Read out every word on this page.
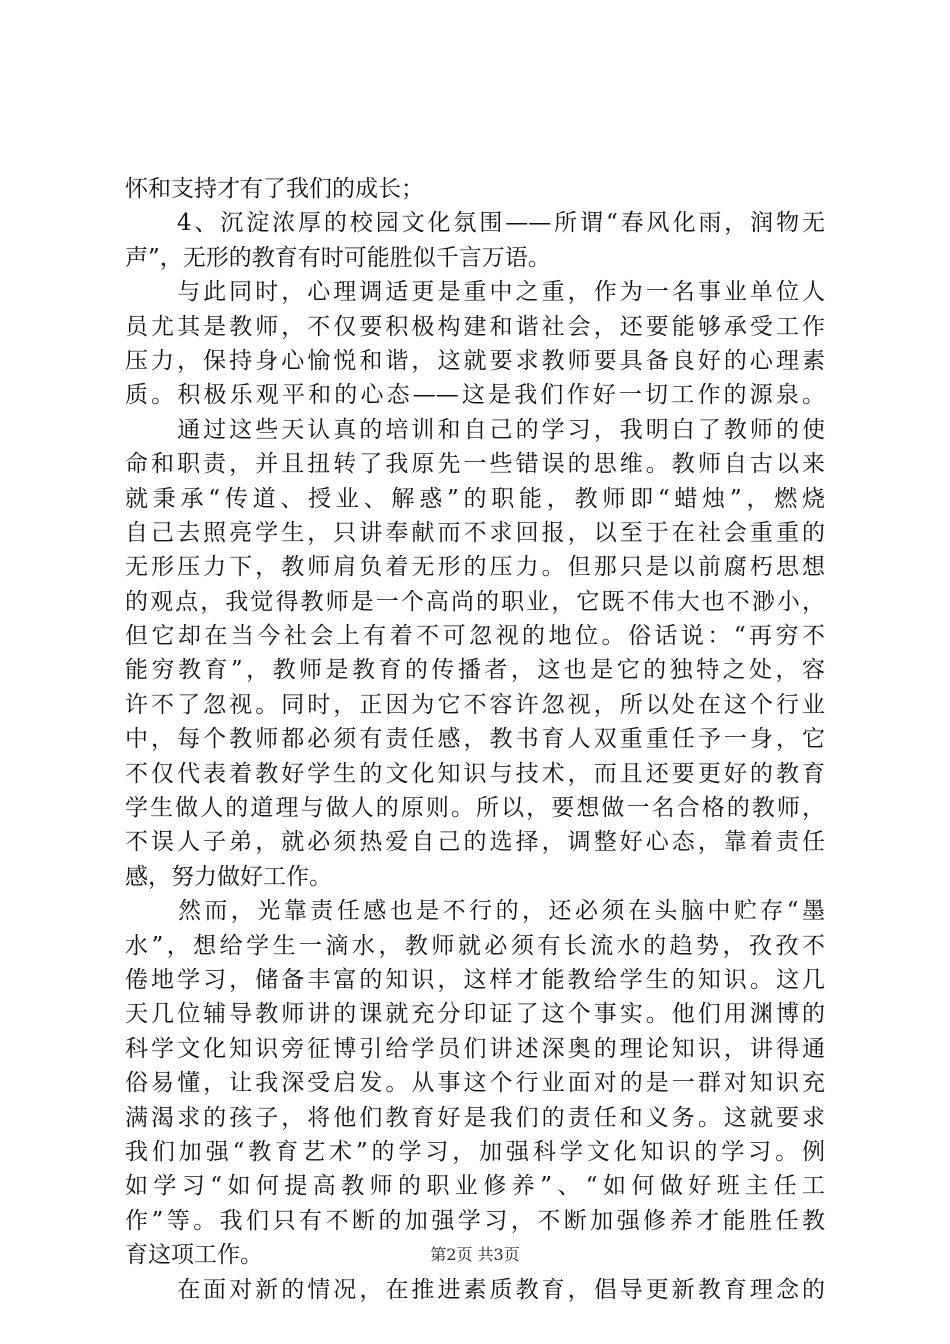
怀和支持才有了我们的成长；
　　4、沉淀浓厚的校园文化氛围——所谓“春风化雨，润物无
声”，无形的教育有时可能胜似千言万语。
　　与此同时，心理调适更是重中之重，作为一名事业单位人
员尤其是教师，不仅要积极构建和谐社会，还要能够承受工作
压力，保持身心愉悦和谐，这就要求教师要具备良好的心理素
质。积极乐观平和的心态——这是我们作好一切工作的源泉。
　　通过这些天认真的培训和自己的学习，我明白了教师的使
命和职责，并且扭转了我原先一些错误的思维。教师自古以来
就秉承“传道、授业、解惑”的职能，教师即“蜡烛”，燃烧
自己去照亮学生，只讲奉献而不求回报，以至于在社会重重的
无形压力下，教师肩负着无形的压力。但那只是以前腐朽思想
的观点，我觉得教师是一个高尚的职业，它既不伟大也不渺小，
但它却在当今社会上有着不可忽视的地位。俗话说：“再穷不
能穷教育”，教师是教育的传播者，这也是它的独特之处，容
许不了忽视。同时，正因为它不容许忽视，所以处在这个行业
中，每个教师都必须有责任感，教书育人双重重任予一身，它
不仅代表着教好学生的文化知识与技术，而且还要更好的教育
学生做人的道理与做人的原则。所以，要想做一名合格的教师，
不误人子弟，就必须热爱自己的选择，调整好心态，靠着责任
感，努力做好工作。
　　然而，光靠责任感也是不行的，还必须在头脑中贮存“墨
水”，想给学生一滴水，教师就必须有长流水的趋势，孜孜不
倦地学习，储备丰富的知识，这样才能教给学生的知识。这几
天几位辅导教师讲的课就充分印证了这个事实。他们用渊博的
科学文化知识旁征博引给学员们讲述深奥的理论知识，讲得通
俗易懂，让我深受启发。从事这个行业面对的是一群对知识充
满渴求的孩子，将他们教育好是我们的责任和义务。这就要求
我们加强“教育艺术”的学习，加强科学文化知识的学习。例
如学习“如何提高教师的职业修养”、“如何做好班主任工
作”等。我们只有不断的加强学习，不断加强修养才能胜任教
育这项工作。
　　在面对新的情况，在推进素质教育，倡导更新教育理念的
第2页 共3页
